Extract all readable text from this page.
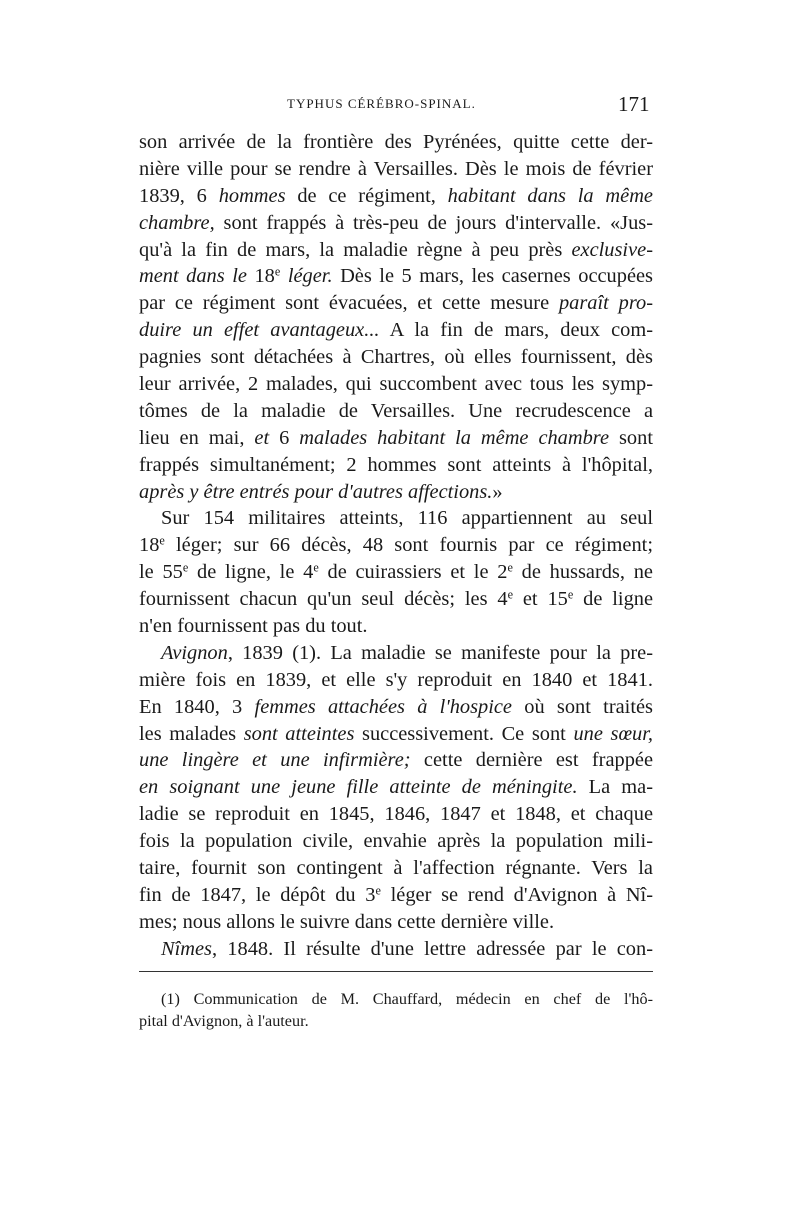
TYPHUS CÉRÉBRO-SPINAL.	171
son arrivée de la frontière des Pyrénées, quitte cette der-
nière ville pour se rendre à Versailles. Dès le mois de février
1839, 6 hommes de ce régiment, habitant dans la même
chambre, sont frappés à très-peu de jours d'intervalle. «Jus-
qu'à la fin de mars, la maladie règne à peu près exclusive-
ment dans le 18e léger. Dès le 5 mars, les casernes occupées
par ce régiment sont évacuées, et cette mesure paraît pro-
duire un effet avantageux... A la fin de mars, deux com-
pagnies sont détachées à Chartres, où elles fournissent, dès
leur arrivée, 2 malades, qui succombent avec tous les symp-
tômes de la maladie de Versailles. Une recrudescence a
lieu en mai, et 6 malades habitant la même chambre sont
frappés simultanément; 2 hommes sont atteints à l'hôpital,
après y être entrés pour d'autres affections.»
Sur 154 militaires atteints, 116 appartiennent au seul
18e léger; sur 66 décès, 48 sont fournis par ce régiment;
le 55e de ligne, le 4e de cuirassiers et le 2e de hussards, ne
fournissent chacun qu'un seul décès; les 4e et 15e de ligne
n'en fournissent pas du tout.
Avignon, 1839 (1). La maladie se manifeste pour la pre-
mière fois en 1839, et elle s'y reproduit en 1840 et 1841.
En 1840, 3 femmes attachées à l'hospice où sont traités
les malades sont atteintes successivement. Ce sont une sœur,
une lingère et une infirmière; cette dernière est frappée
en soignant une jeune fille atteinte de méningite. La ma-
ladie se reproduit en 1845, 1846, 1847 et 1848, et chaque
fois la population civile, envahie après la population mili-
taire, fournit son contingent à l'affection régnante. Vers la
fin de 1847, le dépôt du 3e léger se rend d'Avignon à Nî-
mes; nous allons le suivre dans cette dernière ville.
Nîmes, 1848. Il résulte d'une lettre adressée par le con-
(1) Communication de M. Chauffard, médecin en chef de l'hô-
pital d'Avignon, à l'auteur.
